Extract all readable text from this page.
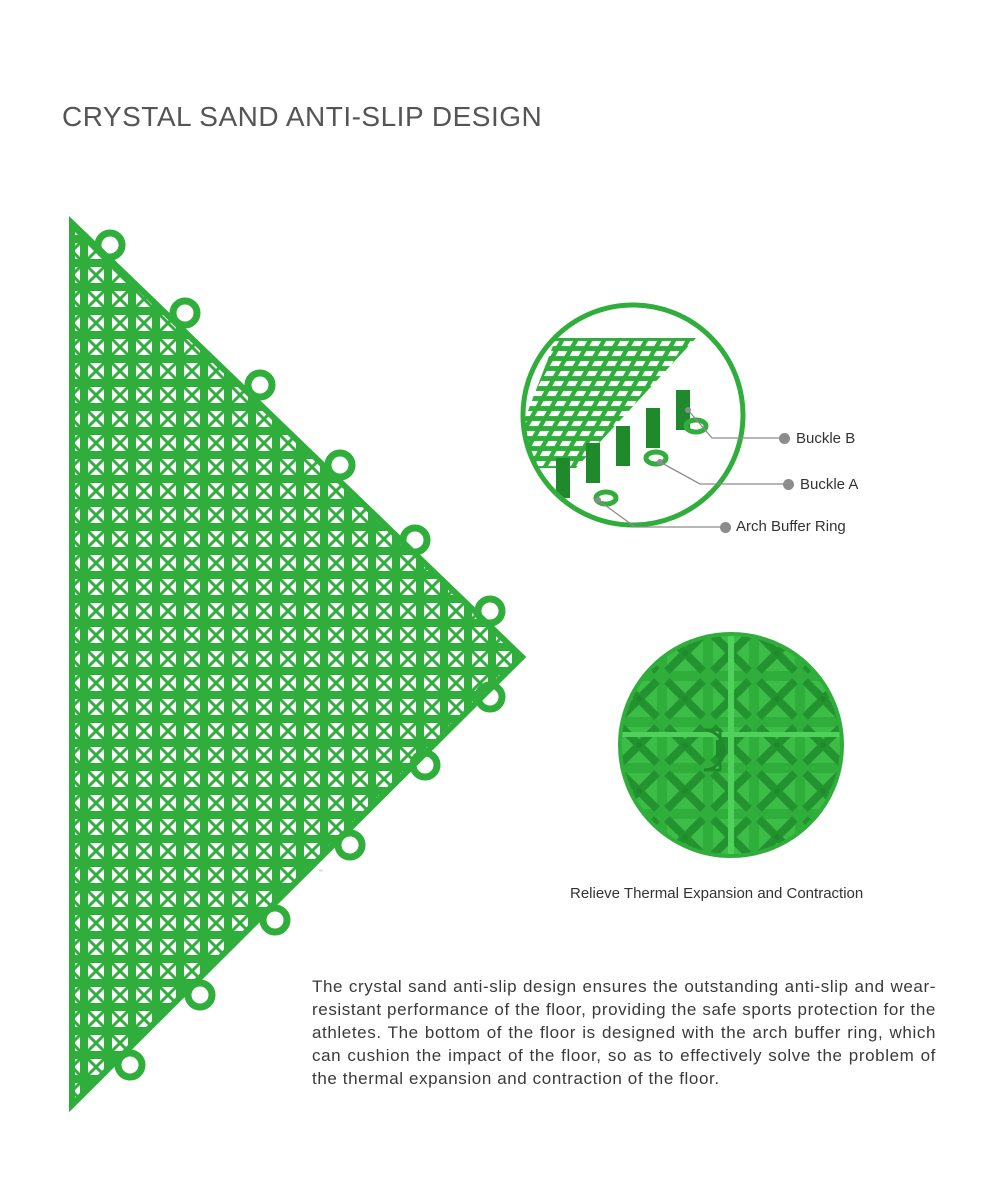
CRYSTAL SAND ANTI-SLIP DESIGN
™
Buckle B
Buckle A
Arch Buffer Ring
Relieve Thermal Expansion and Contraction

The crystal sand anti-slip design ensures the outstanding anti-slip and wear-resistant performance of the floor, providing the safe sports protection for the athletes. The bottom of the floor is designed with the arch buffer ring, which can cushion the impact of the floor, so as to effectively solve the problem of the thermal expansion and contraction of the floor.
